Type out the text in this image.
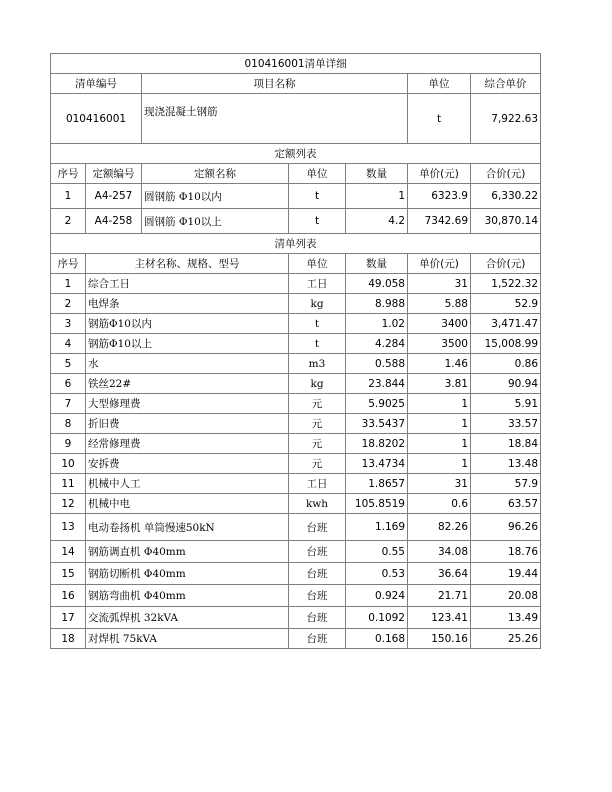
010416001清单详细						
清单编号		项目名称			单位	综合单价
010416001		现浇混凝土钢筋			t	7,922.63
定额列表						
序号	定额编号	定额名称	单位	数量	单价(元)	合价(元)
1	A4-257	圆钢筋 Φ10以内	t	1	6323.9	6,330.22
2	A4-258	圆钢筋 Φ10以上	t	4.2	7342.69	30,870.14
清单列表						
序号	主材名称、规格、型号		单位	数量	单价(元)	合价(元)
1	综合工日		工日	49.058	31	1,522.32
2	电焊条		kg	8.988	5.88	52.9
3	钢筋Φ10以内		t	1.02	3400	3,471.47
4	钢筋Φ10以上		t	4.284	3500	15,008.99
5	水		m3	0.588	1.46	0.86
6	铁丝22#		kg	23.844	3.81	90.94
7	大型修理费		元	5.9025	1	5.91
8	折旧费		元	33.5437	1	33.57
9	经常修理费		元	18.8202	1	18.84
10	安拆费		元	13.4734	1	13.48
11	机械中人工		工日	1.8657	31	57.9
12	机械中电		kwh	105.8519	0.6	63.57
13	电动卷扬机 单筒慢速50kN		台班	1.169	82.26	96.26
14	钢筋调直机 Φ40mm		台班	0.55	34.08	18.76
15	钢筋切断机 Φ40mm		台班	0.53	36.64	19.44
16	钢筋弯曲机 Φ40mm		台班	0.924	21.71	20.08
17	交流弧焊机 32kVA		台班	0.1092	123.41	13.49
18	对焊机 75kVA		台班	0.168	150.16	25.26
